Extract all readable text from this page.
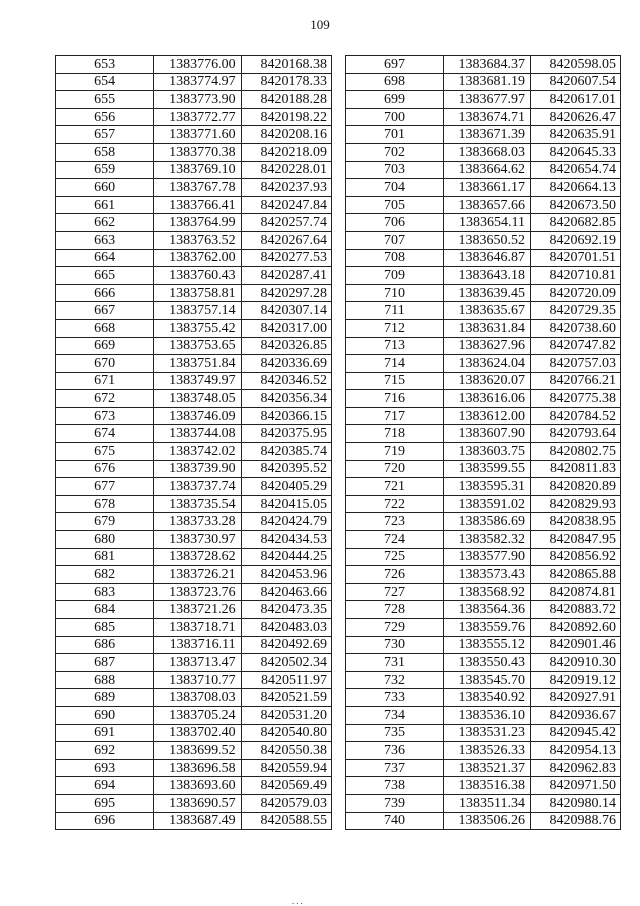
109
653	1383776.00	8420168.38
654	1383774.97	8420178.33
655	1383773.90	8420188.28
656	1383772.77	8420198.22
657	1383771.60	8420208.16
658	1383770.38	8420218.09
659	1383769.10	8420228.01
660	1383767.78	8420237.93
661	1383766.41	8420247.84
662	1383764.99	8420257.74
663	1383763.52	8420267.64
664	1383762.00	8420277.53
665	1383760.43	8420287.41
666	1383758.81	8420297.28
667	1383757.14	8420307.14
668	1383755.42	8420317.00
669	1383753.65	8420326.85
670	1383751.84	8420336.69
671	1383749.97	8420346.52
672	1383748.05	8420356.34
673	1383746.09	8420366.15
674	1383744.08	8420375.95
675	1383742.02	8420385.74
676	1383739.90	8420395.52
677	1383737.74	8420405.29
678	1383735.54	8420415.05
679	1383733.28	8420424.79
680	1383730.97	8420434.53
681	1383728.62	8420444.25
682	1383726.21	8420453.96
683	1383723.76	8420463.66
684	1383721.26	8420473.35
685	1383718.71	8420483.03
686	1383716.11	8420492.69
687	1383713.47	8420502.34
688	1383710.77	8420511.97
689	1383708.03	8420521.59
690	1383705.24	8420531.20
691	1383702.40	8420540.80
692	1383699.52	8420550.38
693	1383696.58	8420559.94
694	1383693.60	8420569.49
695	1383690.57	8420579.03
696	1383687.49	8420588.55
697	1383684.37	8420598.05
698	1383681.19	8420607.54
699	1383677.97	8420617.01
700	1383674.71	8420626.47
701	1383671.39	8420635.91
702	1383668.03	8420645.33
703	1383664.62	8420654.74
704	1383661.17	8420664.13
705	1383657.66	8420673.50
706	1383654.11	8420682.85
707	1383650.52	8420692.19
708	1383646.87	8420701.51
709	1383643.18	8420710.81
710	1383639.45	8420720.09
711	1383635.67	8420729.35
712	1383631.84	8420738.60
713	1383627.96	8420747.82
714	1383624.04	8420757.03
715	1383620.07	8420766.21
716	1383616.06	8420775.38
717	1383612.00	8420784.52
718	1383607.90	8420793.64
719	1383603.75	8420802.75
720	1383599.55	8420811.83
721	1383595.31	8420820.89
722	1383591.02	8420829.93
723	1383586.69	8420838.95
724	1383582.32	8420847.95
725	1383577.90	8420856.92
726	1383573.43	8420865.88
727	1383568.92	8420874.81
728	1383564.36	8420883.72
729	1383559.76	8420892.60
730	1383555.12	8420901.46
731	1383550.43	8420910.30
732	1383545.70	8420919.12
733	1383540.92	8420927.91
734	1383536.10	8420936.67
735	1383531.23	8420945.42
736	1383526.33	8420954.13
737	1383521.37	8420962.83
738	1383516.38	8420971.50
739	1383511.34	8420980.14
740	1383506.26	8420988.76
...
